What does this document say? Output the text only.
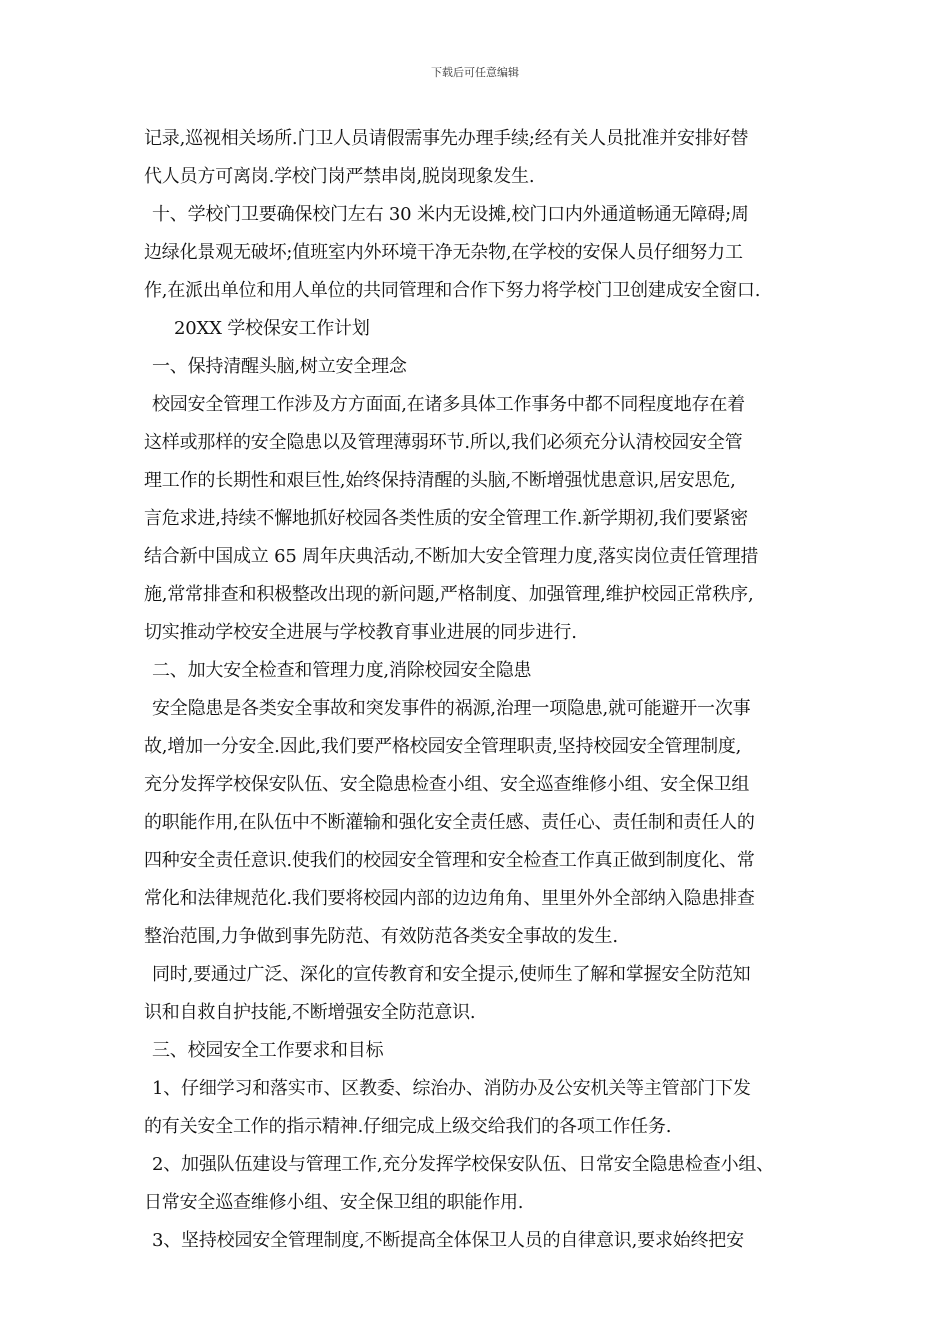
下载后可任意编辑
记录,巡视相关场所.门卫人员请假需事先办理手续;经有关人员批准并安排好替
代人员方可离岗.学校门岗严禁串岗,脱岗现象发生.
十、学校门卫要确保校门左右 30 米内无设摊,校门口内外通道畅通无障碍;周
边绿化景观无破坏;值班室内外环境干净无杂物,在学校的安保人员仔细努力工
作,在派出单位和用人单位的共同管理和合作下努力将学校门卫创建成安全窗口.
20XX 学校保安工作计划
一、保持清醒头脑,树立安全理念
校园安全管理工作涉及方方面面,在诸多具体工作事务中都不同程度地存在着
这样或那样的安全隐患以及管理薄弱环节.所以,我们必须充分认清校园安全管
理工作的长期性和艰巨性,始终保持清醒的头脑,不断增强忧患意识,居安思危,
言危求进,持续不懈地抓好校园各类性质的安全管理工作.新学期初,我们要紧密
结合新中国成立 65 周年庆典活动,不断加大安全管理力度,落实岗位责任管理措
施,常常排查和积极整改出现的新问题,严格制度、加强管理,维护校园正常秩序,
切实推动学校安全进展与学校教育事业进展的同步进行.
二、加大安全检查和管理力度,消除校园安全隐患
安全隐患是各类安全事故和突发事件的祸源,治理一项隐患,就可能避开一次事
故,增加一分安全.因此,我们要严格校园安全管理职责,坚持校园安全管理制度,
充分发挥学校保安队伍、安全隐患检查小组、安全巡查维修小组、安全保卫组
的职能作用,在队伍中不断灌输和强化安全责任感、责任心、责任制和责任人的
四种安全责任意识.使我们的校园安全管理和安全检查工作真正做到制度化、常
常化和法律规范化.我们要将校园内部的边边角角、里里外外全部纳入隐患排查
整治范围,力争做到事先防范、有效防范各类安全事故的发生.
同时,要通过广泛、深化的宣传教育和安全提示,使师生了解和掌握安全防范知
识和自救自护技能,不断增强安全防范意识.
三、校园安全工作要求和目标
1、仔细学习和落实市、区教委、综治办、消防办及公安机关等主管部门下发
的有关安全工作的指示精神.仔细完成上级交给我们的各项工作任务.
2、加强队伍建设与管理工作,充分发挥学校保安队伍、日常安全隐患检查小组、
日常安全巡查维修小组、安全保卫组的职能作用.
3、坚持校园安全管理制度,不断提高全体保卫人员的自律意识,要求始终把安
